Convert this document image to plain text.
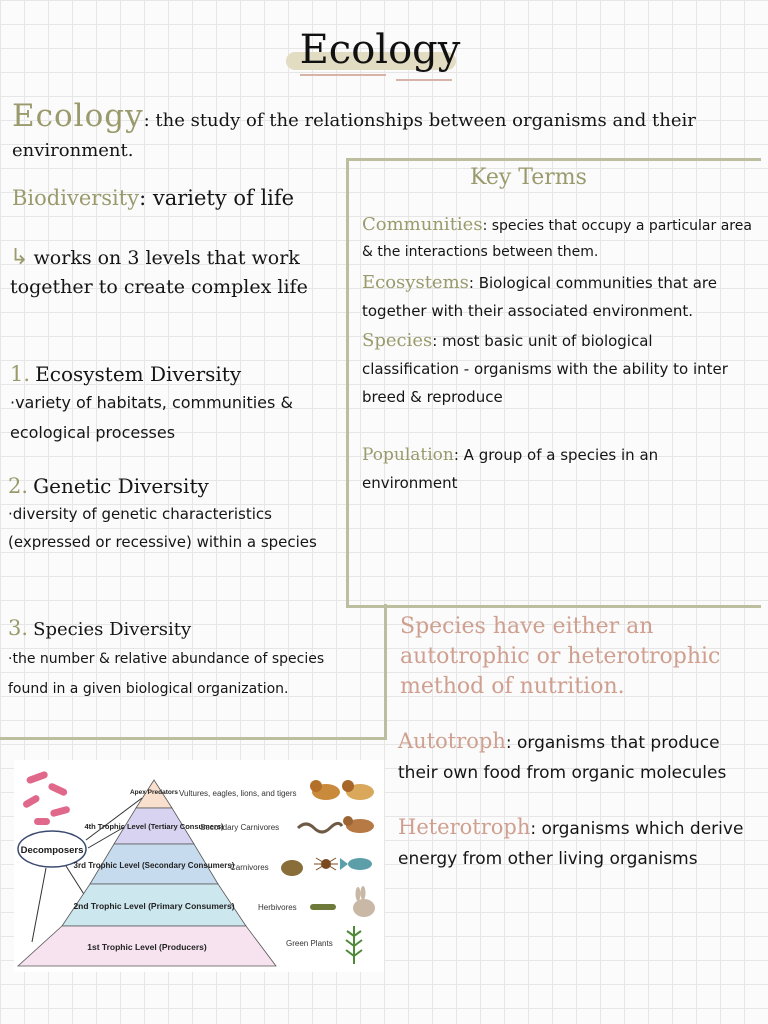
Ecology
Ecology: the study of the relationships between organisms and their environment.
Biodiversity: variety of life
↳ works on 3 levels that work together to create complex life
1. Ecosystem Diversity
·variety of habitats, communities & ecological processes
2. Genetic Diversity
·diversity of genetic characteristics (expressed or recessive) within a species
3. Species Diversity
·the number & relative abundance of species found in a given biological organization.
Key Terms
Communities: species that occupy a particular area & the interactions between them.
Ecosystems: Biological communities that are together with their associated environment.
Species: most basic unit of biological classification - organisms with the ability to inter breed & reproduce
Population: A group of a species in an environment
Species have either an autotrophic or heterotrophic method of nutrition.
Autotroph: organisms that produce their own food from organic molecules
Heterotroph: organisms which derive energy from other living organisms
Decomposers
Apex Predators
4th Trophic Level (Tertiary Consumers)
3rd Trophic Level (Secondary Consumers)
2nd Trophic Level (Primary Consumers)
1st Trophic Level (Producers)
Vultures, eagles, lions, and tigers
Secondary Carnivores
Carnivores
Herbivores
Green Plants
